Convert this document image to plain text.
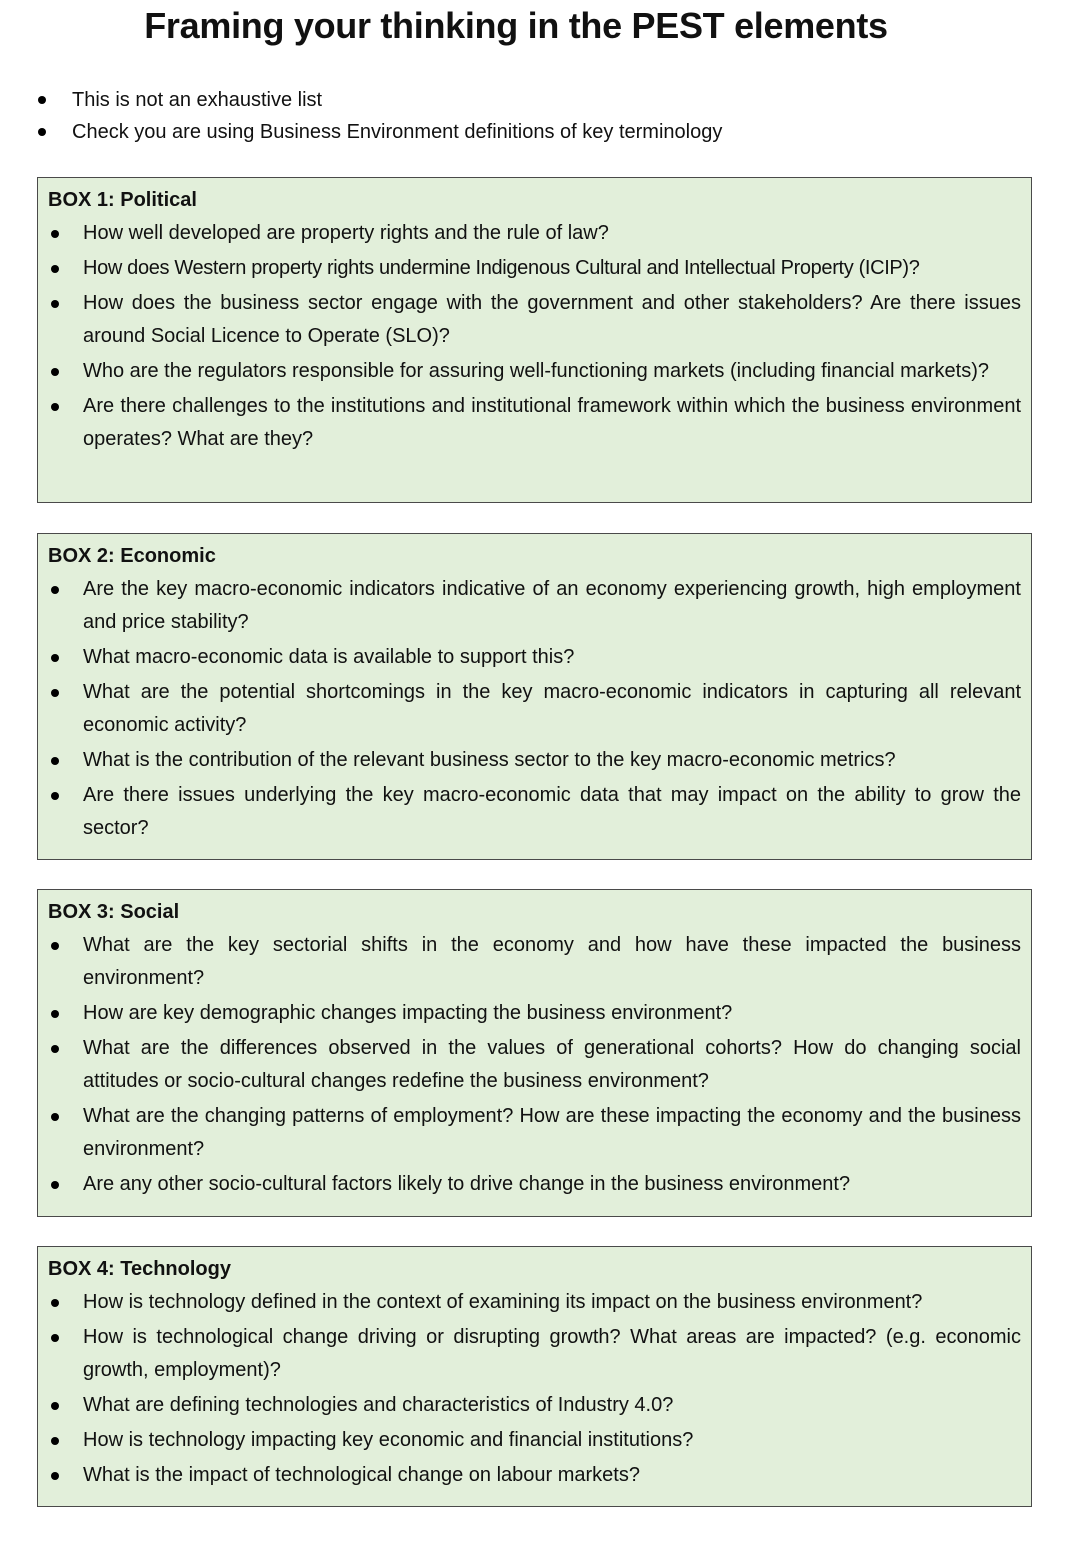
Framing your thinking in the PEST elements
This is not an exhaustive list
Check you are using Business Environment definitions of key terminology
BOX 1: Political
How well developed are property rights and the rule of law?
How does Western property rights undermine Indigenous Cultural and Intellectual Property (ICIP)?
How does the business sector engage with the government and other stakeholders? Are there issues around Social Licence to Operate (SLO)?
Who are the regulators responsible for assuring well-functioning markets (including financial markets)?
Are there challenges to the institutions and institutional framework within which the business environment operates? What are they?
BOX 2: Economic
Are the key macro-economic indicators indicative of an economy experiencing growth, high employment and price stability?
What macro-economic data is available to support this?
What are the potential shortcomings in the key macro-economic indicators in capturing all relevant economic activity?
What is the contribution of the relevant business sector to the key macro-economic metrics?
Are there issues underlying the key macro-economic data that may impact on the ability to grow the sector?
BOX 3: Social
What are the key sectorial shifts in the economy and how have these impacted the business environment?
How are key demographic changes impacting the business environment?
What are the differences observed in the values of generational cohorts? How do changing social attitudes or socio-cultural changes redefine the business environment?
What are the changing patterns of employment? How are these impacting the economy and the business environment?
Are any other socio-cultural factors likely to drive change in the business environment?
BOX 4: Technology
How is technology defined in the context of examining its impact on the business environment?
How is technological change driving or disrupting growth? What areas are impacted? (e.g. economic growth, employment)?
What are defining technologies and characteristics of Industry 4.0?
How is technology impacting key economic and financial institutions?
What is the impact of technological change on labour markets?
